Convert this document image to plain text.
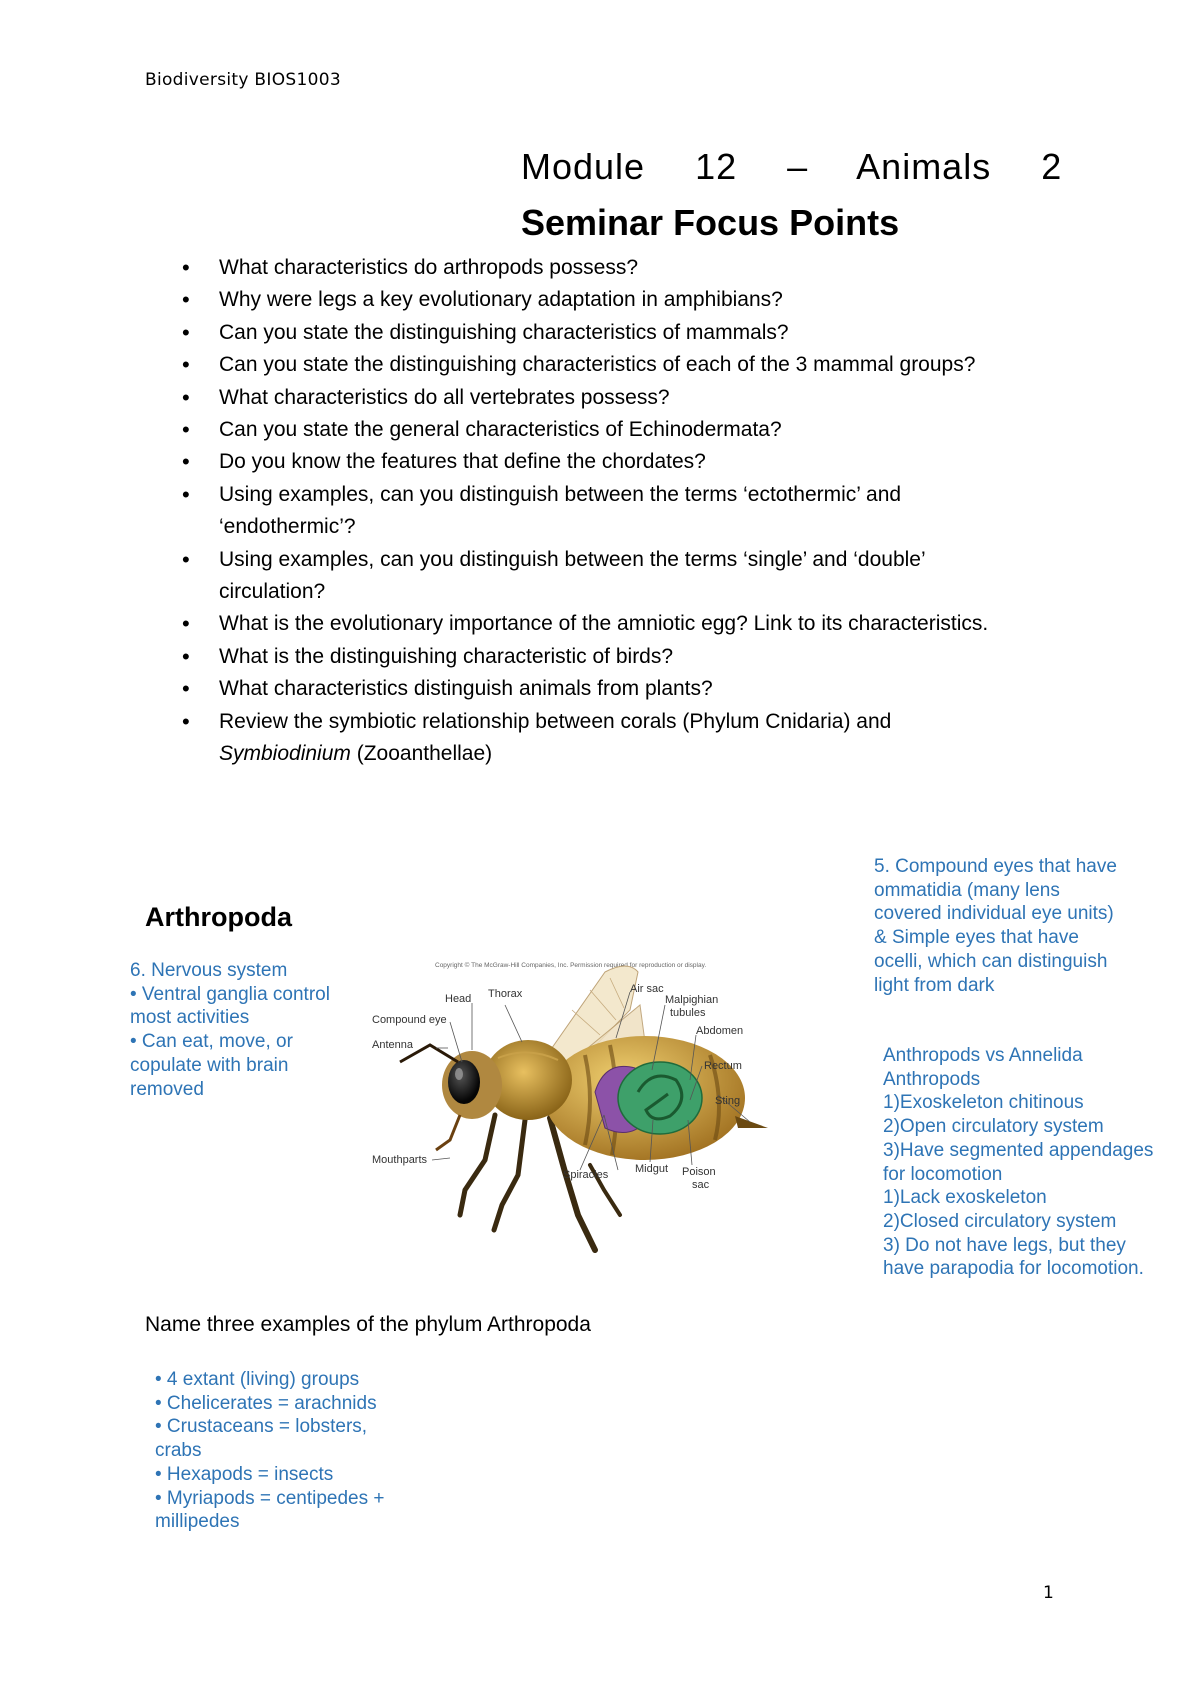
Biodiversity BIOS1003
Module  12  –  Animals  2
Seminar Focus Points
• What characteristics do arthropods possess?
• Why were legs a key evolutionary adaptation in amphibians?
• Can you state the distinguishing characteristics of mammals?
• Can you state the distinguishing characteristics of each of the 3 mammal groups?
• What characteristics do all vertebrates possess?
• Can you state the general characteristics of Echinodermata?
• Do you know the features that define the chordates?
• Using examples, can you distinguish between the terms ‘ectothermic’ and ‘endothermic’?
• Using examples, can you distinguish between the terms ‘single’ and ‘double’ circulation?
• What is the evolutionary importance of the amniotic egg? Link to its characteristics.
• What is the distinguishing characteristic of birds?
• What characteristics distinguish animals from plants?
• Review the symbiotic relationship between corals (Phylum Cnidaria) and
Symbiodinium (Zooanthellae)
5. Compound eyes that have
ommatidia (many lens
covered individual eye units)
& Simple eyes that have
ocelli, which can distinguish
light from dark
Arthropoda
6. Nervous system
• Ventral ganglia control
most activities
• Can eat, move, or
copulate with brain
removed
Copyright © The McGraw-Hill Companies, Inc. Permission required for reproduction or display.
Head Thorax
Compound eye
Antenna
Mouthparts
Air sac
Malpighian
tubules
Abdomen
Rectum
Sting
Spiracles Midgut Poison
sac
Anthropods vs Annelida
Anthropods
1)Exoskeleton chitinous
2)Open circulatory system
3)Have segmented appendages
for locomotion
1)Lack exoskeleton
2)Closed circulatory system
3) Do not have legs, but they
have parapodia for locomotion.
Name three examples of the phylum Arthropoda
• 4 extant (living) groups
• Chelicerates = arachnids
• Crustaceans = lobsters,
crabs
• Hexapods = insects
• Myriapods = centipedes +
millipedes
1
